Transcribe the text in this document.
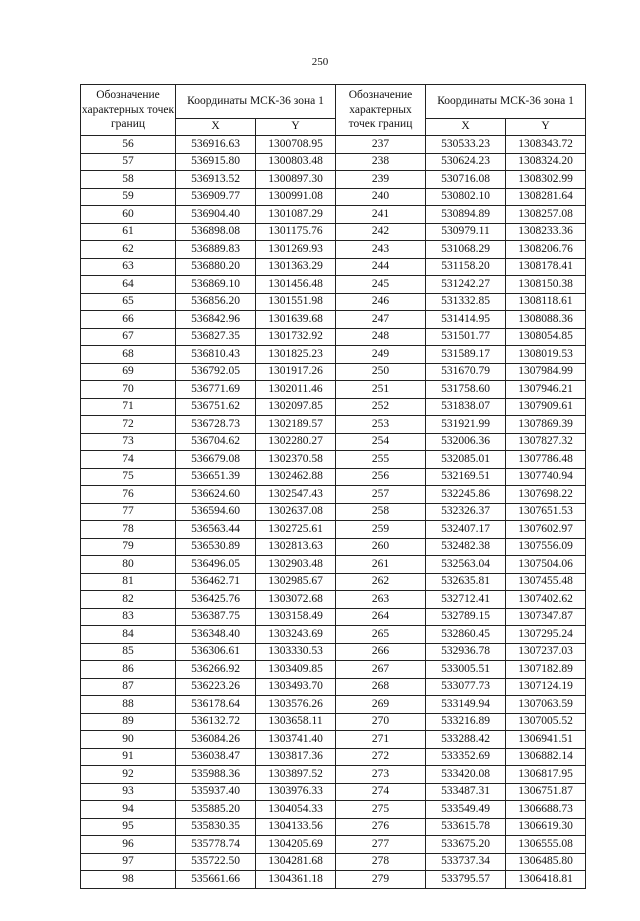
250
Обозначение характерных точек границ	Координаты МСК-36 зона 1		Обозначение характерных точек границ	Координаты МСК-36 зона 1	
	X	Y		X	Y
56	536916.63	1300708.95	237	530533.23	1308343.72
57	536915.80	1300803.48	238	530624.23	1308324.20
58	536913.52	1300897.30	239	530716.08	1308302.99
59	536909.77	1300991.08	240	530802.10	1308281.64
60	536904.40	1301087.29	241	530894.89	1308257.08
61	536898.08	1301175.76	242	530979.11	1308233.36
62	536889.83	1301269.93	243	531068.29	1308206.76
63	536880.20	1301363.29	244	531158.20	1308178.41
64	536869.10	1301456.48	245	531242.27	1308150.38
65	536856.20	1301551.98	246	531332.85	1308118.61
66	536842.96	1301639.68	247	531414.95	1308088.36
67	536827.35	1301732.92	248	531501.77	1308054.85
68	536810.43	1301825.23	249	531589.17	1308019.53
69	536792.05	1301917.26	250	531670.79	1307984.99
70	536771.69	1302011.46	251	531758.60	1307946.21
71	536751.62	1302097.85	252	531838.07	1307909.61
72	536728.73	1302189.57	253	531921.99	1307869.39
73	536704.62	1302280.27	254	532006.36	1307827.32
74	536679.08	1302370.58	255	532085.01	1307786.48
75	536651.39	1302462.88	256	532169.51	1307740.94
76	536624.60	1302547.43	257	532245.86	1307698.22
77	536594.60	1302637.08	258	532326.37	1307651.53
78	536563.44	1302725.61	259	532407.17	1307602.97
79	536530.89	1302813.63	260	532482.38	1307556.09
80	536496.05	1302903.48	261	532563.04	1307504.06
81	536462.71	1302985.67	262	532635.81	1307455.48
82	536425.76	1303072.68	263	532712.41	1307402.62
83	536387.75	1303158.49	264	532789.15	1307347.87
84	536348.40	1303243.69	265	532860.45	1307295.24
85	536306.61	1303330.53	266	532936.78	1307237.03
86	536266.92	1303409.85	267	533005.51	1307182.89
87	536223.26	1303493.70	268	533077.73	1307124.19
88	536178.64	1303576.26	269	533149.94	1307063.59
89	536132.72	1303658.11	270	533216.89	1307005.52
90	536084.26	1303741.40	271	533288.42	1306941.51
91	536038.47	1303817.36	272	533352.69	1306882.14
92	535988.36	1303897.52	273	533420.08	1306817.95
93	535937.40	1303976.33	274	533487.31	1306751.87
94	535885.20	1304054.33	275	533549.49	1306688.73
95	535830.35	1304133.56	276	533615.78	1306619.30
96	535778.74	1304205.69	277	533675.20	1306555.08
97	535722.50	1304281.68	278	533737.34	1306485.80
98	535661.66	1304361.18	279	533795.57	1306418.81
